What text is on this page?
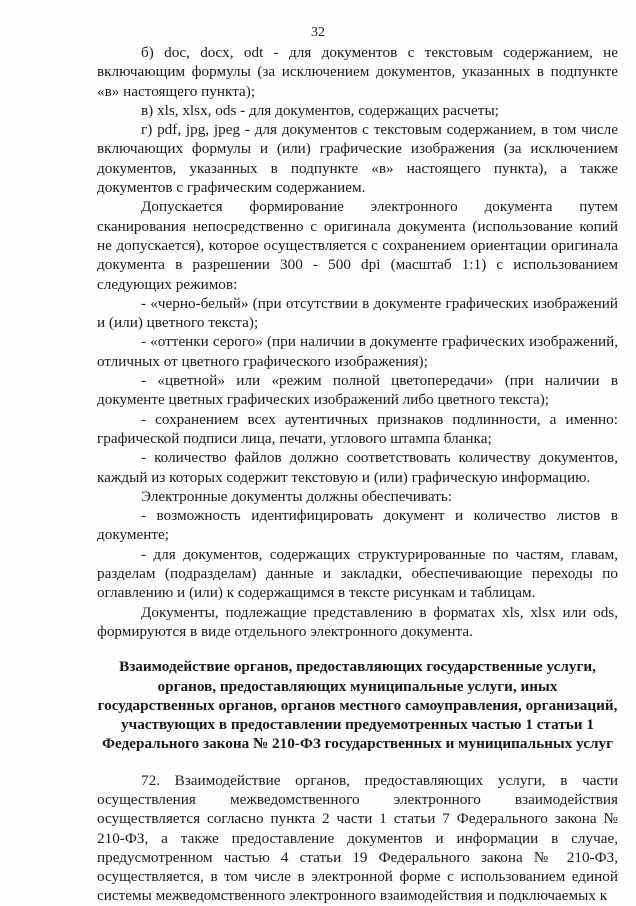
32

б) doc, docx, odt - для документов с текстовым содержанием, не включающим формулы (за исключением документов, указанных в подпункте «в» настоящего пункта);

в) xls, xlsx, ods - для документов, содержащих расчеты;

г) pdf, jpg, jpeg - для документов с текстовым содержанием, в том числе включающих формулы и (или) графические изображения (за исключением документов, указанных в подпункте «в» настоящего пункта), а также документов с графическим содержанием.

Допускается формирование электронного документа путем сканирования непосредственно с оригинала документа (использование копий не допускается), которое осуществляется с сохранением ориентации оригинала документа в разрешении 300 - 500 dpi (масштаб 1:1) с использованием следующих режимов:

- «черно-белый» (при отсутствии в документе графических изображений и (или) цветного текста);

- «оттенки серого» (при наличии в документе графических изображений, отличных от цветного графического изображения);

- «цветной» или «режим полной цветопередачи» (при наличии в документе цветных графических изображений либо цветного текста);

- сохранением всех аутентичных признаков подлинности, а именно: графической подписи лица, печати, углового штампа бланка;

- количество файлов должно соответствовать количеству документов, каждый из которых содержит текстовую и (или) графическую информацию.

Электронные документы должны обеспечивать:

- возможность идентифицировать документ и количество листов в документе;

- для документов, содержащих структурированные по частям, главам, разделам (подразделам) данные и закладки, обеспечивающие переходы по оглавлению и (или) к содержащимся в тексте рисункам и таблицам.

Документы, подлежащие представлению в форматах xls, xlsx или ods, формируются в виде отдельного электронного документа.

Взаимодействие органов, предоставляющих государственные услуги,
органов, предоставляющих муниципальные услуги, иных
государственных органов, органов местного самоуправления, организаций,
участвующих в предоставлении предуемотренных частью 1 статьи 1
Федерального закона № 210-ФЗ государственных и муниципальных услуг

72. Взаимодействие органов, предоставляющих услуги, в части осуществления межведомственного электронного взаимодействия осуществляется согласно пункта 2 части 1 статьи 7 Федерального закона № 210-ФЗ, а также предоставление документов и информации в случае, предусмотренном частью 4 статьи 19 Федерального закона № 210-ФЗ, осуществляется, в том числе в электронной форме с использованием единой системы межведомственного электронного взаимодействия и подключаемых к
